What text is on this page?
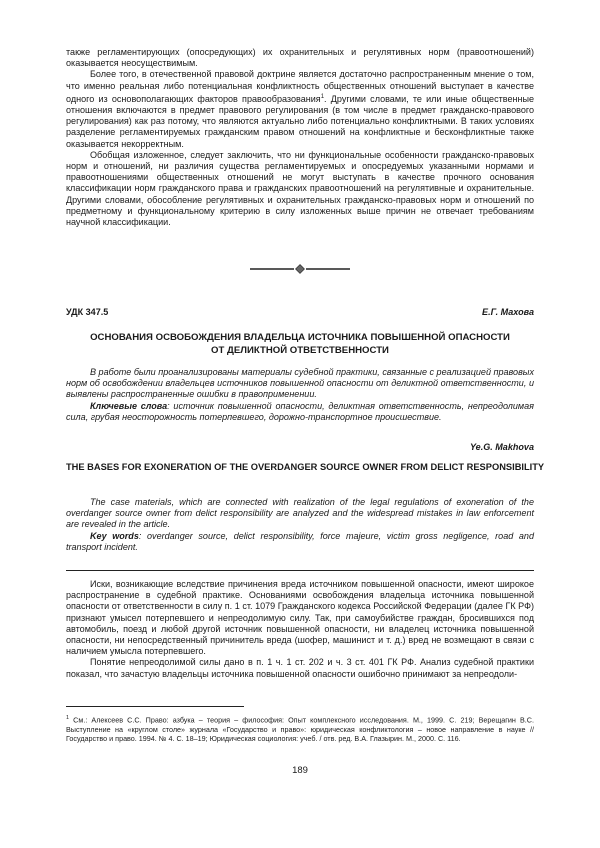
также регламентирующих (опосредующих) их охранительных и регулятивных норм (правоотношений) оказывается неосуществимым.

Более того, в отечественной правовой доктрине является достаточно распространенным мнение о том, что именно реальная либо потенциальная конфликтность общественных отношений выступает в качестве одного из основополагающих факторов правообразования$^1$. Другими словами, те или иные общественные отношения включаются в предмет правового регулирования (в том числе в предмет гражданско-правового регулирования) как раз потому, что являются актуально либо потенциально конфликтными. В таких условиях разделение регламентируемых гражданским правом отношений на конфликтные и бесконфликтные также оказывается некорректным.

Обобщая изложенное, следует заключить, что ни функциональные особенности гражданско-правовых норм и отношений, ни различия существа регламентируемых и опосредуемых указанными нормами и правоотношениями общественных отношений не могут выступать в качестве прочного основания классификации норм гражданского права и гражданских правоотношений на регулятивные и охранительные. Другими словами, обособление регулятивных и охранительных гражданско-правовых норм и отношений по предметному и функциональному критерию в силу изложенных выше причин не отвечает требованиям научной классификации.

УДК 347.5	Е.Г. Махова
ОСНОВАНИЯ ОСВОБОЖДЕНИЯ ВЛАДЕЛЬЦА ИСТОЧНИКА ПОВЫШЕННОЙ ОПАСНОСТИ
ОТ ДЕЛИКТНОЙ ОТВЕТСТВЕННОСТИ

В работе были проанализированы материалы судебной практики, связанные с реализацией правовых норм об освобождении владельцев источников повышенной опасности от деликтной ответственности, и выявлены распространенные ошибки в правоприменении.

Ключевые слова: источник повышенной опасности, деликтная ответственность, непреодолимая сила, грубая неосторожность потерпевшего, дорожно-транспортное происшествие.

Ye.G. Makhova
THE BASES FOR EXONERATION OF THE OVERDANGER SOURCE OWNER FROM DELICT RESPONSIBILITY

The case materials, which are connected with realization of the legal regulations of exoneration of the overdanger source owner from delict responsibility are analyzed and the widespread mistakes in law enforcement are revealed in the article.

Key words: overdanger source, delict responsibility, force majeure, victim gross negligence, road and transport incident.

Иски, возникающие вследствие причинения вреда источником повышенной опасности, имеют широкое распространение в судебной практике. Основаниями освобождения владельца источника повышенной опасности от ответственности в силу п. 1 ст. 1079 Гражданского кодекса Российской Федерации (далее ГК РФ) признают умысел потерпевшего и непреодолимую силу. Так, при самоубийстве граждан, бросившихся под автомобиль, поезд и любой другой источник повышенной опасности, ни владелец источника повышенной опасности, ни непосредственный причинитель вреда (шофер, машинист и т. д.) вред не возмещают в связи с наличием умысла потерпевшего.

Понятие непреодолимой силы дано в п. 1 ч. 1 ст. 202 и ч. 3 ст. 401 ГК РФ. Анализ судебной практики показал, что зачастую владельцы источника повышенной опасности ошибочно принимают за непреодоли-

$^1$ См.: Алексеев С.С. Право: азбука – теория – философия: Опыт комплексного исследования. М., 1999. С. 219; Верещагин В.С. Выступление на «круглом столе» журнала «Государство и право»: юридическая конфликтология – новое направление в науке // Государство и право. 1994. № 4. С. 18–19; Юридическая социология: учеб. / отв. ред. В.А. Глазырин. М., 2000. С. 116.
189
